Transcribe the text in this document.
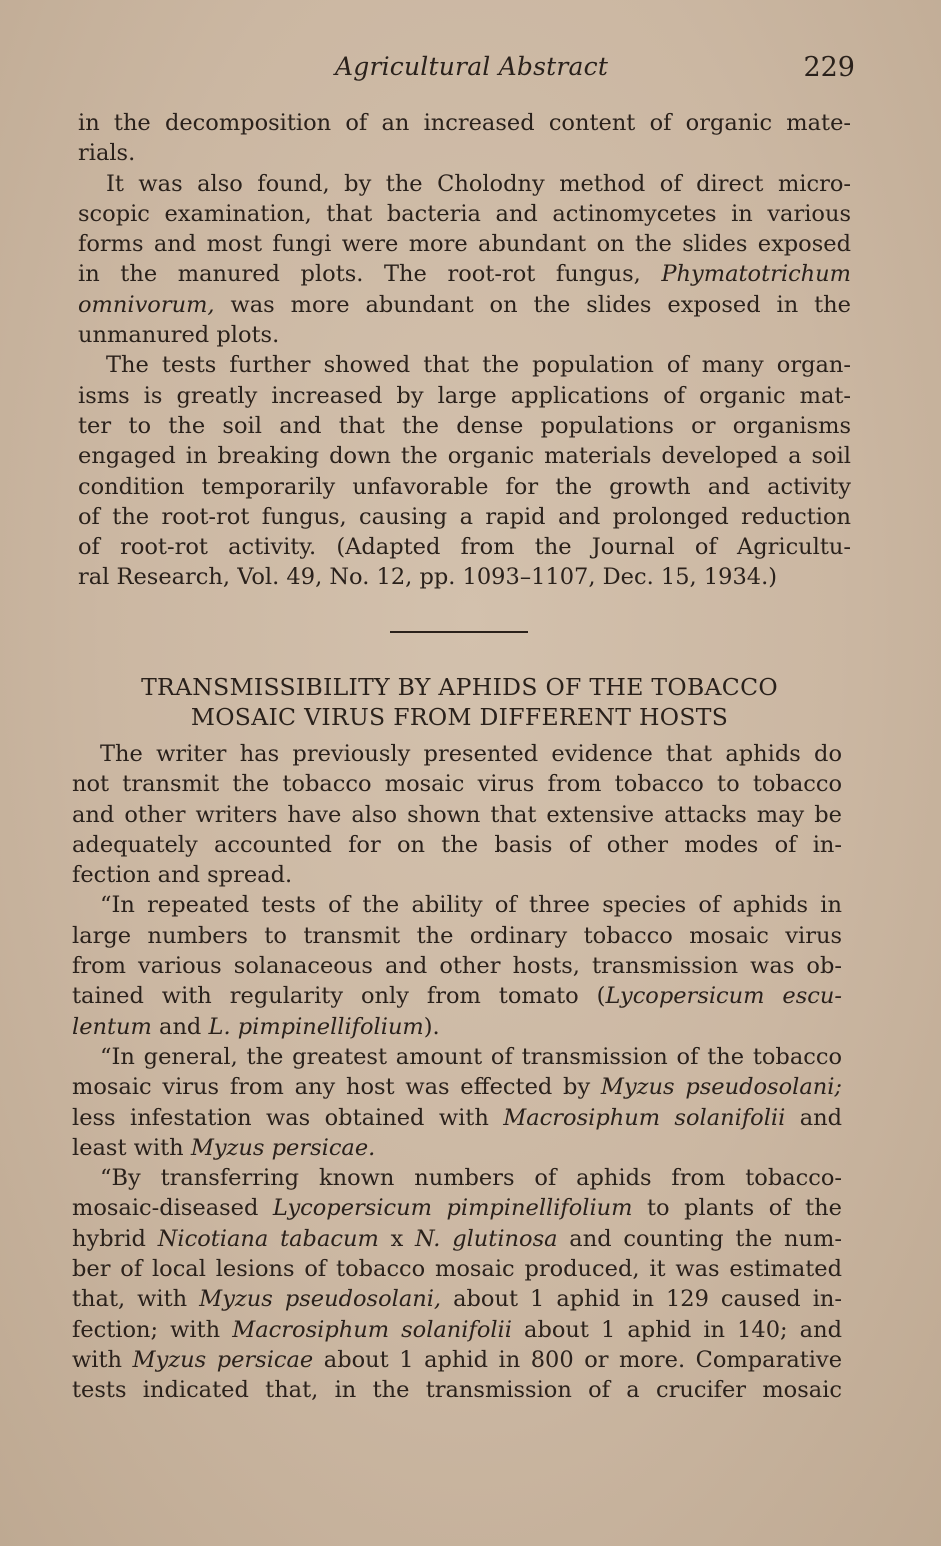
Agricultural Abstract	229
in the decomposition of an increased content of organic mate-
rials.
It was also found, by the Cholodny method of direct micro-
scopic examination, that bacteria and actinomycetes in various
forms and most fungi were more abundant on the slides exposed
in the manured plots. The root-rot fungus, Phymatotrichum
omnivorum, was more abundant on the slides exposed in the
unmanured plots.
The tests further showed that the population of many organ-
isms is greatly increased by large applications of organic mat-
ter to the soil and that the dense populations or organisms
engaged in breaking down the organic materials developed a soil
condition temporarily unfavorable for the growth and activity
of the root-rot fungus, causing a rapid and prolonged reduction
of root-rot activity. (Adapted from the Journal of Agricultu-
ral Research, Vol. 49, No. 12, pp. 1093–1107, Dec. 15, 1934.)
TRANSMISSIBILITY BY APHIDS OF THE TOBACCO
MOSAIC VIRUS FROM DIFFERENT HOSTS
The writer has previously presented evidence that aphids do
not transmit the tobacco mosaic virus from tobacco to tobacco
and other writers have also shown that extensive attacks may be
adequately accounted for on the basis of other modes of in-
fection and spread.
“In repeated tests of the ability of three species of aphids in
large numbers to transmit the ordinary tobacco mosaic virus
from various solanaceous and other hosts, transmission was ob-
tained with regularity only from tomato (Lycopersicum escu-
lentum and L. pimpinellifolium).
“In general, the greatest amount of transmission of the tobacco
mosaic virus from any host was effected by Myzus pseudosolani;
less infestation was obtained with Macrosiphum solanifolii and
least with Myzus persicae.
“By transferring known numbers of aphids from tobacco-
mosaic-diseased Lycopersicum pimpinellifolium to plants of the
hybrid Nicotiana tabacum x N. glutinosa and counting the num-
ber of local lesions of tobacco mosaic produced, it was estimated
that, with Myzus pseudosolani, about 1 aphid in 129 caused in-
fection; with Macrosiphum solanifolii about 1 aphid in 140; and
with Myzus persicae about 1 aphid in 800 or more. Comparative
tests indicated that, in the transmission of a crucifer mosaic
